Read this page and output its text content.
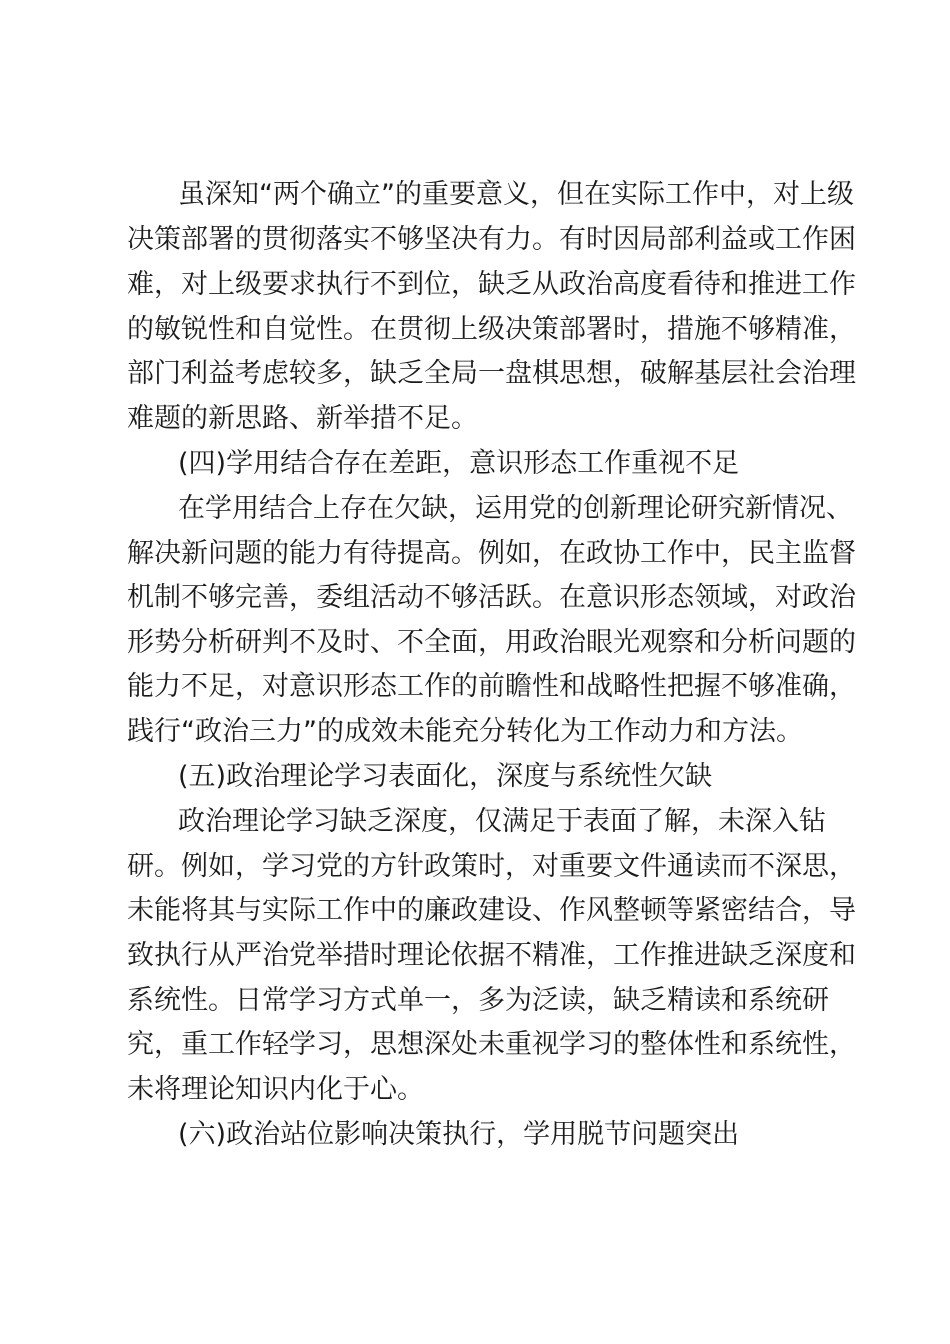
虽深知“两个确立”的重要意义，但在实际工作中，对上级
决策部署的贯彻落实不够坚决有力。有时因局部利益或工作困
难，对上级要求执行不到位，缺乏从政治高度看待和推进工作
的敏锐性和自觉性。在贯彻上级决策部署时，措施不够精准，
部门利益考虑较多，缺乏全局一盘棋思想，破解基层社会治理
难题的新思路、新举措不足。
(四)学用结合存在差距，意识形态工作重视不足
在学用结合上存在欠缺，运用党的创新理论研究新情况、
解决新问题的能力有待提高。例如，在政协工作中，民主监督
机制不够完善，委组活动不够活跃。在意识形态领域，对政治
形势分析研判不及时、不全面，用政治眼光观察和分析问题的
能力不足，对意识形态工作的前瞻性和战略性把握不够准确，
践行“政治三力”的成效未能充分转化为工作动力和方法。
(五)政治理论学习表面化，深度与系统性欠缺
政治理论学习缺乏深度，仅满足于表面了解，未深入钻
研。例如，学习党的方针政策时，对重要文件通读而不深思，
未能将其与实际工作中的廉政建设、作风整顿等紧密结合，导
致执行从严治党举措时理论依据不精准，工作推进缺乏深度和
系统性。日常学习方式单一，多为泛读，缺乏精读和系统研
究，重工作轻学习，思想深处未重视学习的整体性和系统性，
未将理论知识内化于心。
(六)政治站位影响决策执行，学用脱节问题突出
